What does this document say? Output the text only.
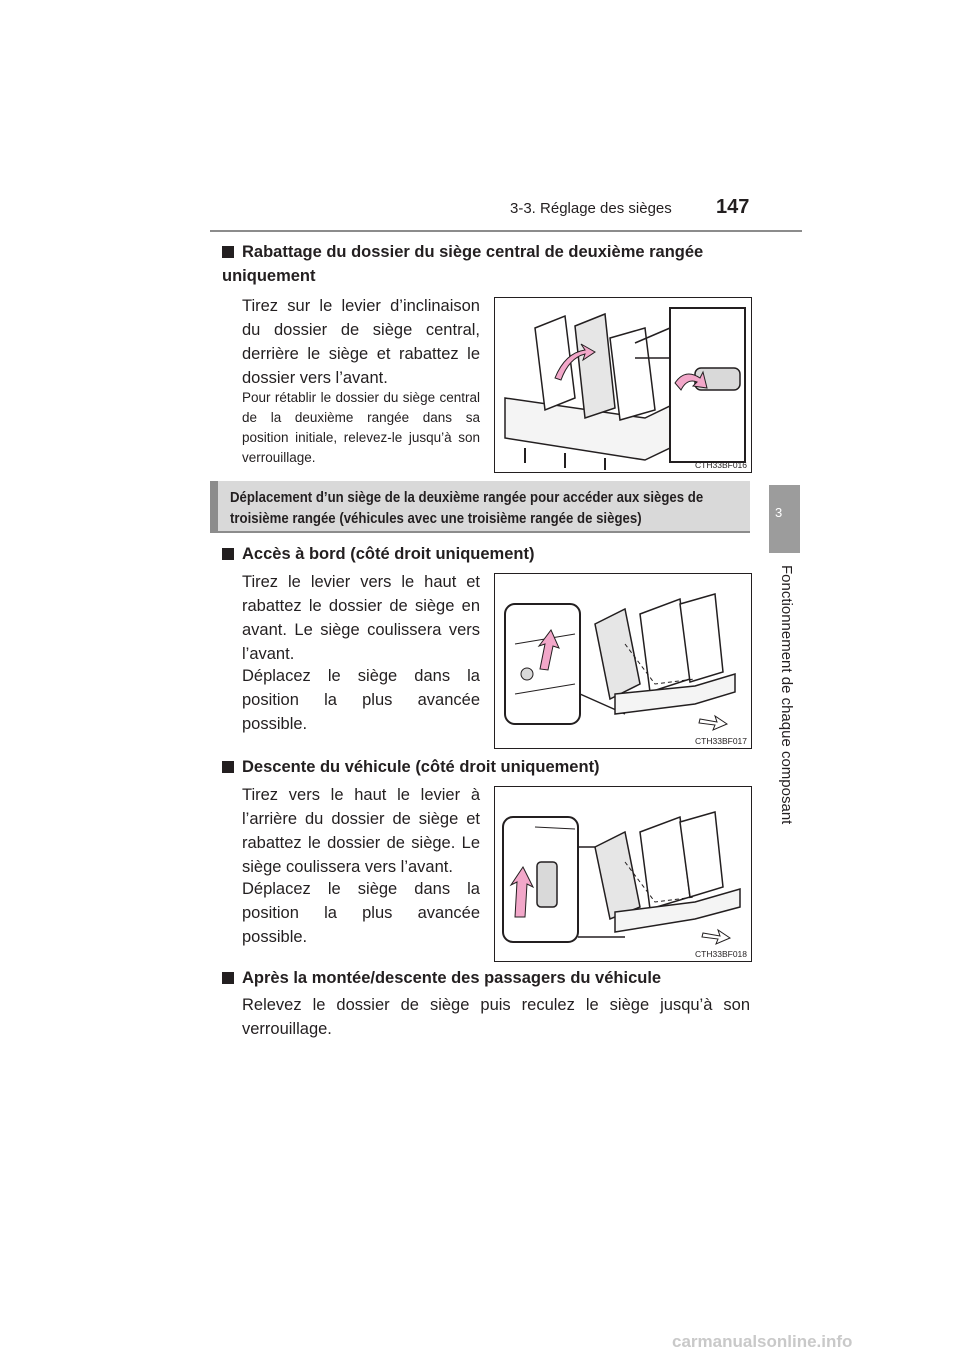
3-3. Réglage des sièges 147
3
Fonctionnement de chaque composant
Rabattage du dossier du siège central de deuxième rangée uniquement
Tirez sur le levier d’inclinaison du dossier de siège central, derrière le siège et rabattez le dossier vers l’avant.
Pour rétablir le dossier du siège central de la deuxième rangée dans sa position initiale, relevez-le jusqu’à son verrouillage.	CTH33BF016
Déplacement d’un siège de la deuxième rangée pour accéder aux sièges de troisième rangée (véhicules avec une troisième rangée de sièges)
Accès à bord (côté droit uniquement)
Tirez le levier vers le haut et rabattez le dossier de siège en avant. Le siège coulissera vers l’avant.
Déplacez le siège dans la position la plus avancée possible.
CTH33BF017
Descente du véhicule (côté droit uniquement)
Tirez vers le haut le levier à l’arrière du dossier de siège et rabattez le dossier de siège. Le siège coulissera vers l’avant.
Déplacez le siège dans la position la plus avancée possible.
CTH33BF018
Après la montée/descente des passagers du véhicule
Relevez le dossier de siège puis reculez le siège jusqu’à son verrouillage.
carmanualsonline.info
